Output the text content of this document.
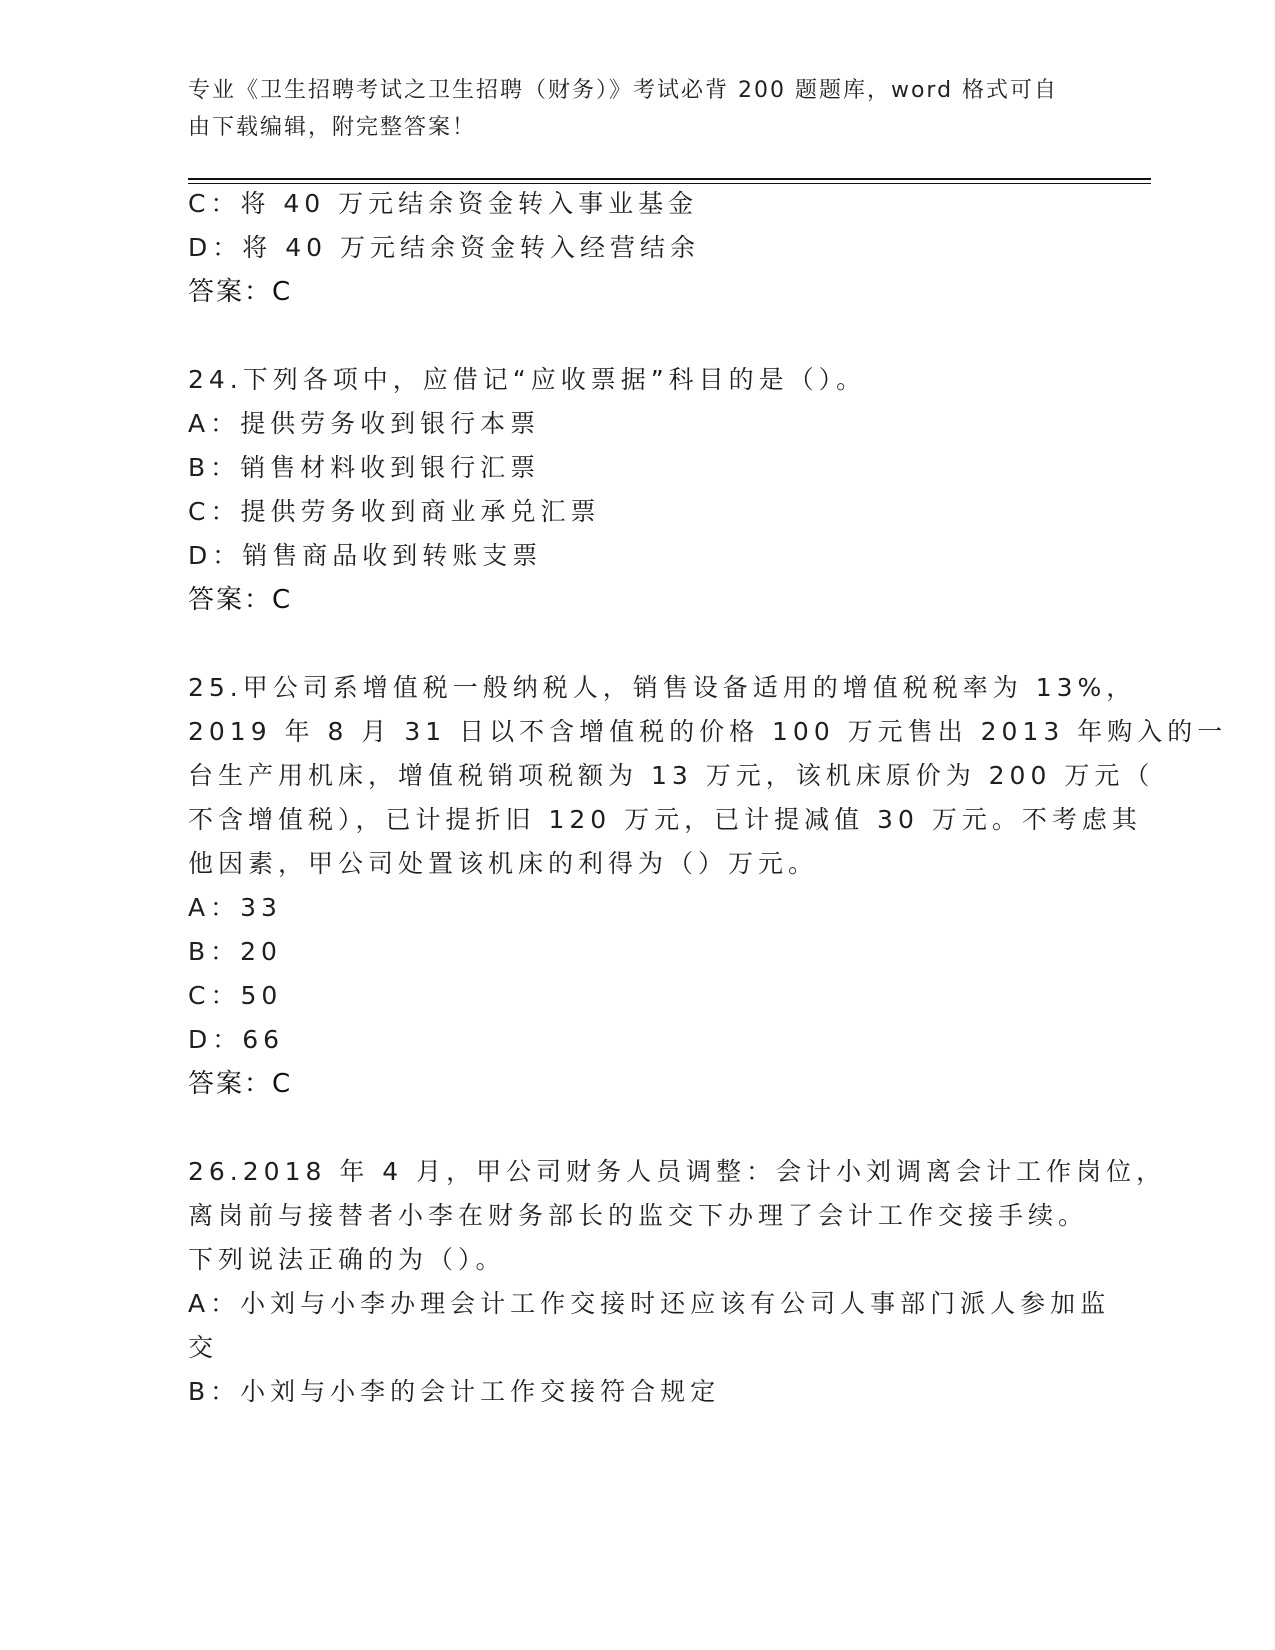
专业《卫生招聘考试之卫生招聘（财务）》考试必背 200 题题库，word 格式可自
由下载编辑，附完整答案！
C：将 40 万元结余资金转入事业基金
D：将 40 万元结余资金转入经营结余
答案：C
24.下列各项中，应借记“应收票据”科目的是（）。
A：提供劳务收到银行本票
B：销售材料收到银行汇票
C：提供劳务收到商业承兑汇票
D：销售商品收到转账支票
答案：C
25.甲公司系增值税一般纳税人，销售设备适用的增值税税率为 13%，
2019 年 8 月 31 日以不含增值税的价格 100 万元售出 2013 年购入的一
台生产用机床，增值税销项税额为 13 万元，该机床原价为 200 万元（
不含增值税），已计提折旧 120 万元，已计提减值 30 万元。不考虑其
他因素，甲公司处置该机床的利得为（）万元。
A：33
B：20
C：50
D：66
答案：C
26.2018 年 4 月，甲公司财务人员调整：会计小刘调离会计工作岗位，
离岗前与接替者小李在财务部长的监交下办理了会计工作交接手续。
下列说法正确的为（）。
A：小刘与小李办理会计工作交接时还应该有公司人事部门派人参加监
交
B：小刘与小李的会计工作交接符合规定
